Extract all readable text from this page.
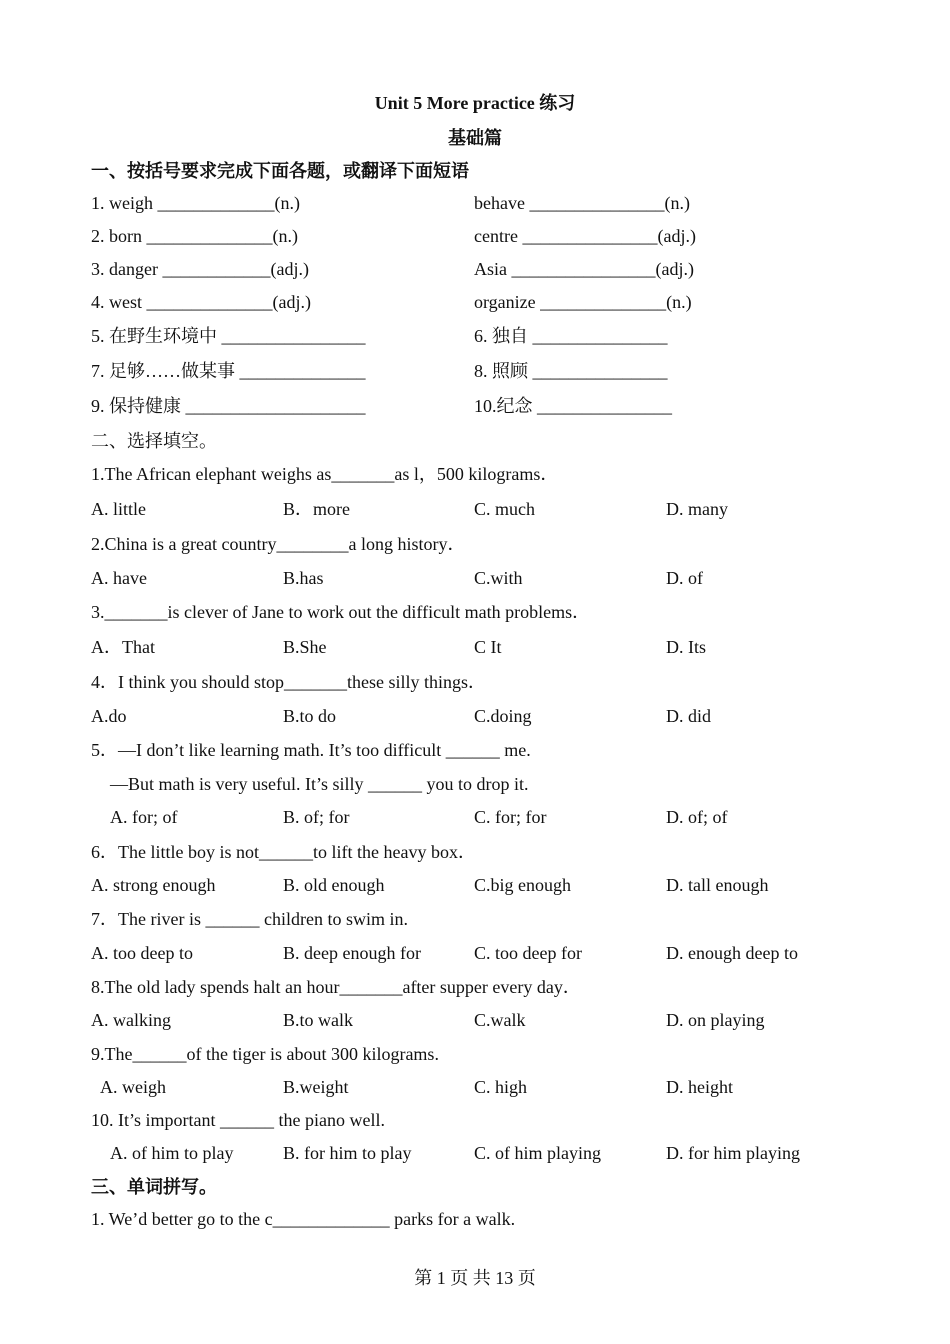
Unit 5 More practice 练习
基础篇
一、按括号要求完成下面各题，或翻译下面短语
1. weigh _____________(n.)	behave _______________(n.)
2. born ______________(n.)	centre _______________(adj.)
3. danger ____________(adj.)	Asia ________________(adj.)
4. west ______________(adj.)	organize ______________(n.)
5. 在野生环境中 ________________	6. 独自 _______________
7. 足够……做某事 ______________	8. 照顾 _______________
9. 保持健康 ____________________	10.纪念 _______________
二、选择填空。
1.The African elephant weighs as_______as l，500 kilograms．
A. little	B．more	C. much	D. many
2.China is a great country________a long history．
A. have	B.has	C.with	D. of
3._______is clever of Jane to work out the difficult math problems．
A．That	B.She	C It	D. Its
4．I think you should stop_______these silly things．
A.do	B.to do	C.doing	D. did
5．—I don’t like learning math. It’s too difficult ______ me.
—But math is very useful. It’s silly ______ you to drop it.
A. for; of	B. of; for	C. for; for	D. of; of
6．The little boy is not______to lift the heavy box．
A. strong enough	B. old enough	C.big enough	D. tall enough
7．The river is ______ children to swim in.
A. too deep to	B. deep enough for	C. too deep for	D. enough deep to
8.The old lady spends halt an hour_______after supper every day．
A. walking	B.to walk	C.walk	D. on playing
9.The______of the tiger is about 300 kilograms.
A. weigh	B.weight	C. high	D. height
10. It’s important ______ the piano well.
A. of him to play	B. for him to play	C. of him playing	D. for him playing
三、单词拼写。
1. We’d better go to the c_____________ parks for a walk.
第 1 页 共 13 页
